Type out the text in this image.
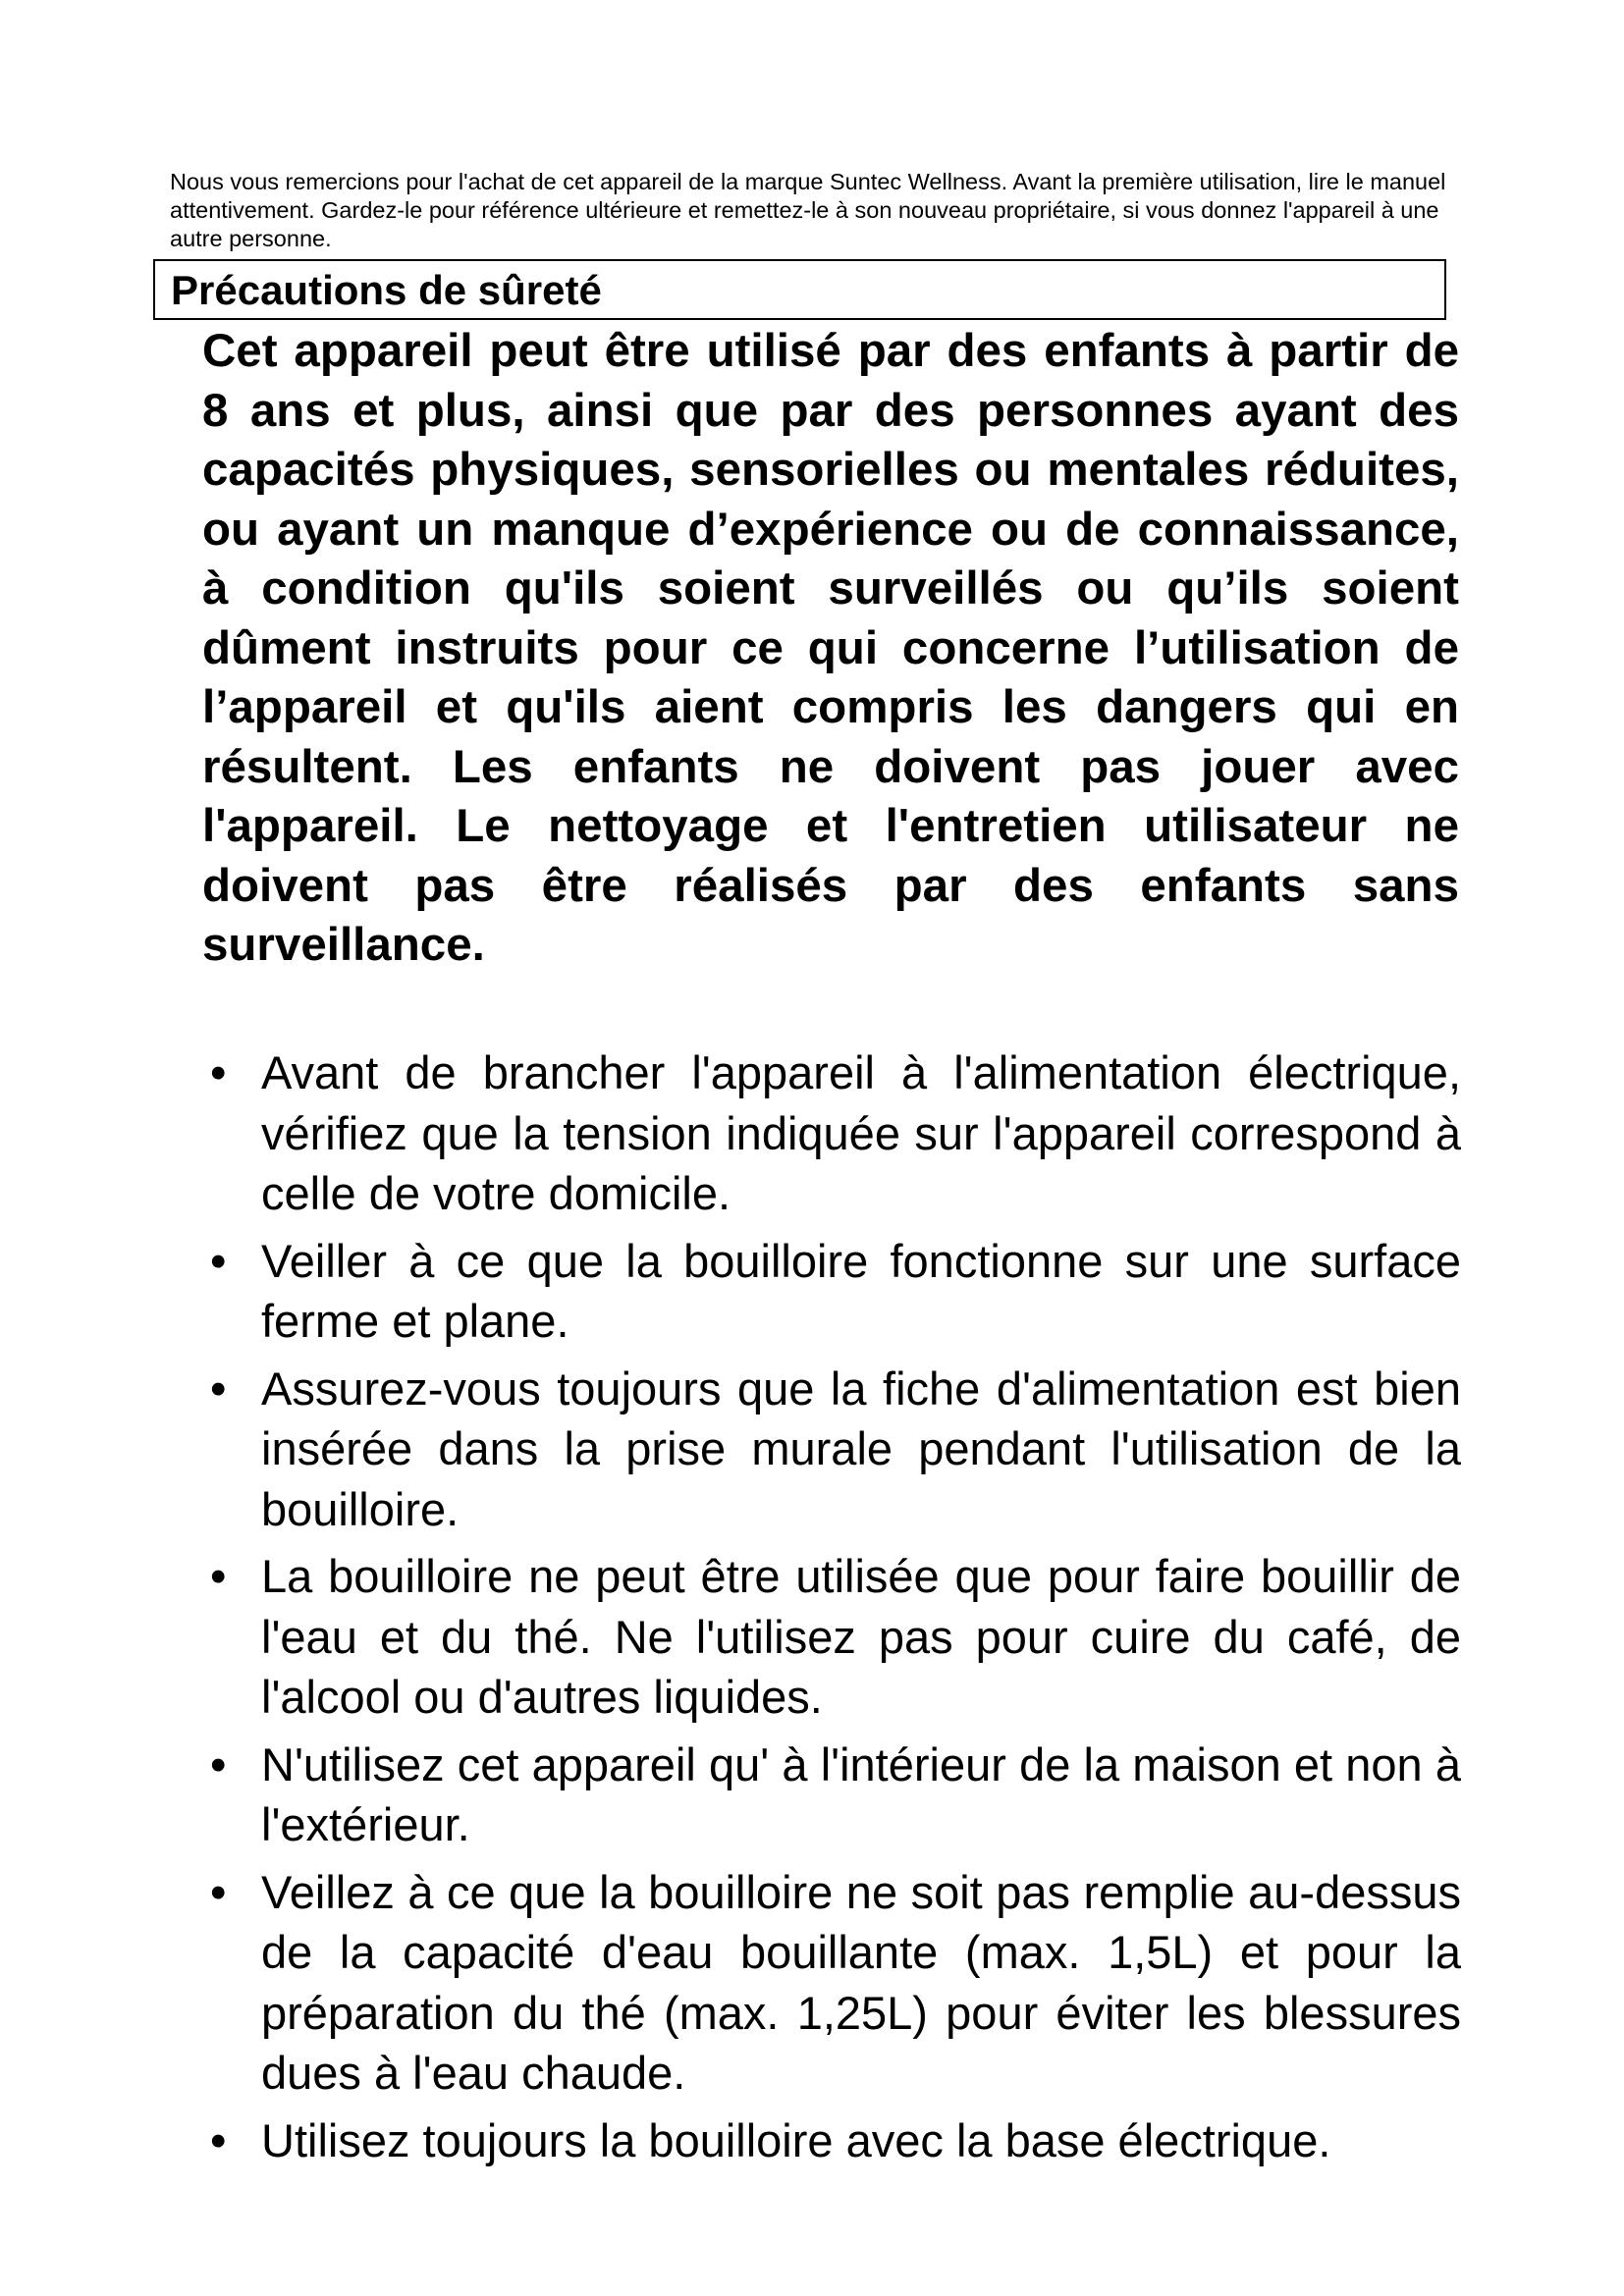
Nous vous remercions pour l'achat de cet appareil de la marque Suntec Wellness. Avant la première utilisation, lire le manuel attentivement. Gardez-le pour référence ultérieure et remettez-le à son nouveau propriétaire, si vous donnez l'appareil à une autre personne.

Précautions de sûreté

Cet appareil peut être utilisé par des enfants à partir de 8 ans et plus, ainsi que par des personnes ayant des capacités physiques, sensorielles ou mentales réduites, ou ayant un manque d’expérience ou de connaissance, à condition qu'ils soient surveillés ou qu’ils soient dûment instruits pour ce qui concerne l’utilisation de l’appareil et qu'ils aient compris les dangers qui en résultent. Les enfants ne doivent pas jouer avec l'appareil. Le nettoyage et l'entretien utilisateur ne doivent pas être réalisés par des enfants sans surveillance.

• Avant de brancher l'appareil à l'alimentation électrique, vérifiez que la tension indiquée sur l'appareil correspond à celle de votre domicile.
• Veiller à ce que la bouilloire fonctionne sur une surface ferme et plane.
• Assurez-vous toujours que la fiche d'alimentation est bien insérée dans la prise murale pendant l'utilisation de la bouilloire.
• La bouilloire ne peut être utilisée que pour faire bouillir de l'eau et du thé. Ne l'utilisez pas pour cuire du café, de l'alcool ou d'autres liquides.
• N'utilisez cet appareil qu' à l'intérieur de la maison et non à l'extérieur.
• Veillez à ce que la bouilloire ne soit pas remplie au-dessus de la capacité d'eau bouillante (max. 1,5L) et pour la préparation du thé (max. 1,25L) pour éviter les blessures dues à l'eau chaude.
• Utilisez toujours la bouilloire avec la base électrique.
